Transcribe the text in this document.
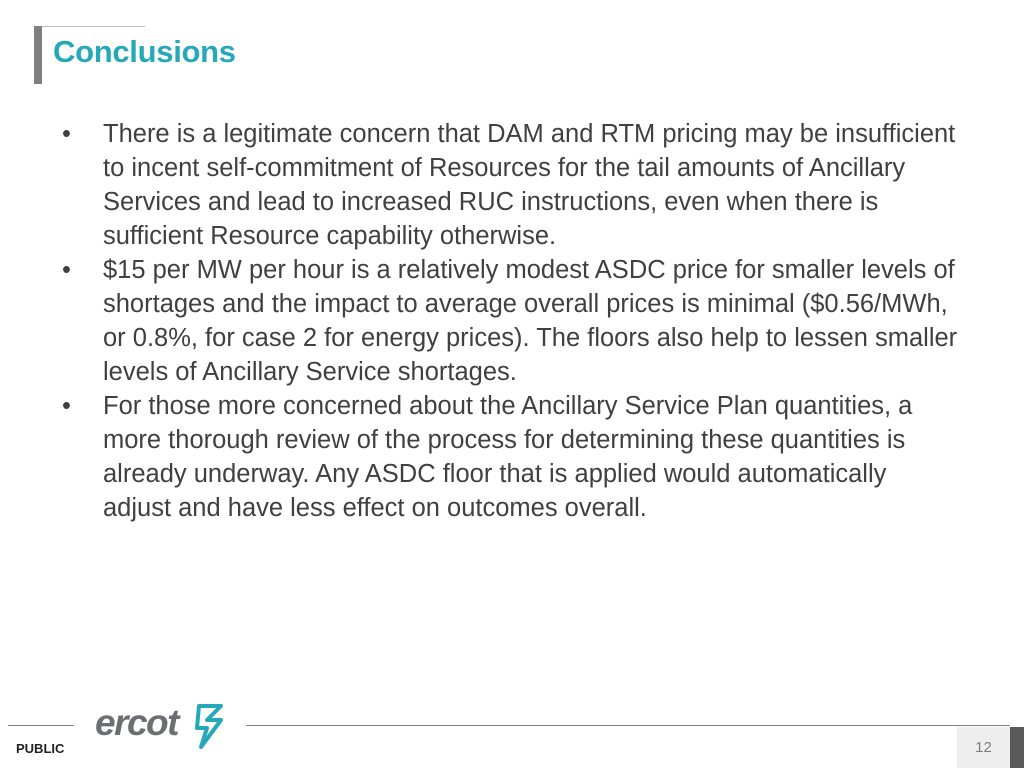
Conclusions
• There is a legitimate concern that DAM and RTM pricing may be insufficient to incent self-commitment of Resources for the tail amounts of Ancillary Services and lead to increased RUC instructions, even when there is sufficient Resource capability otherwise.
• $15 per MW per hour is a relatively modest ASDC price for smaller levels of shortages and the impact to average overall prices is minimal ($0.56/MWh, or 0.8%, for case 2 for energy prices). The floors also help to lessen smaller levels of Ancillary Service shortages.
• For those more concerned about the Ancillary Service Plan quantities, a more thorough review of the process for determining these quantities is already underway. Any ASDC floor that is applied would automatically adjust and have less effect on outcomes overall.
ercot
PUBLIC	12
